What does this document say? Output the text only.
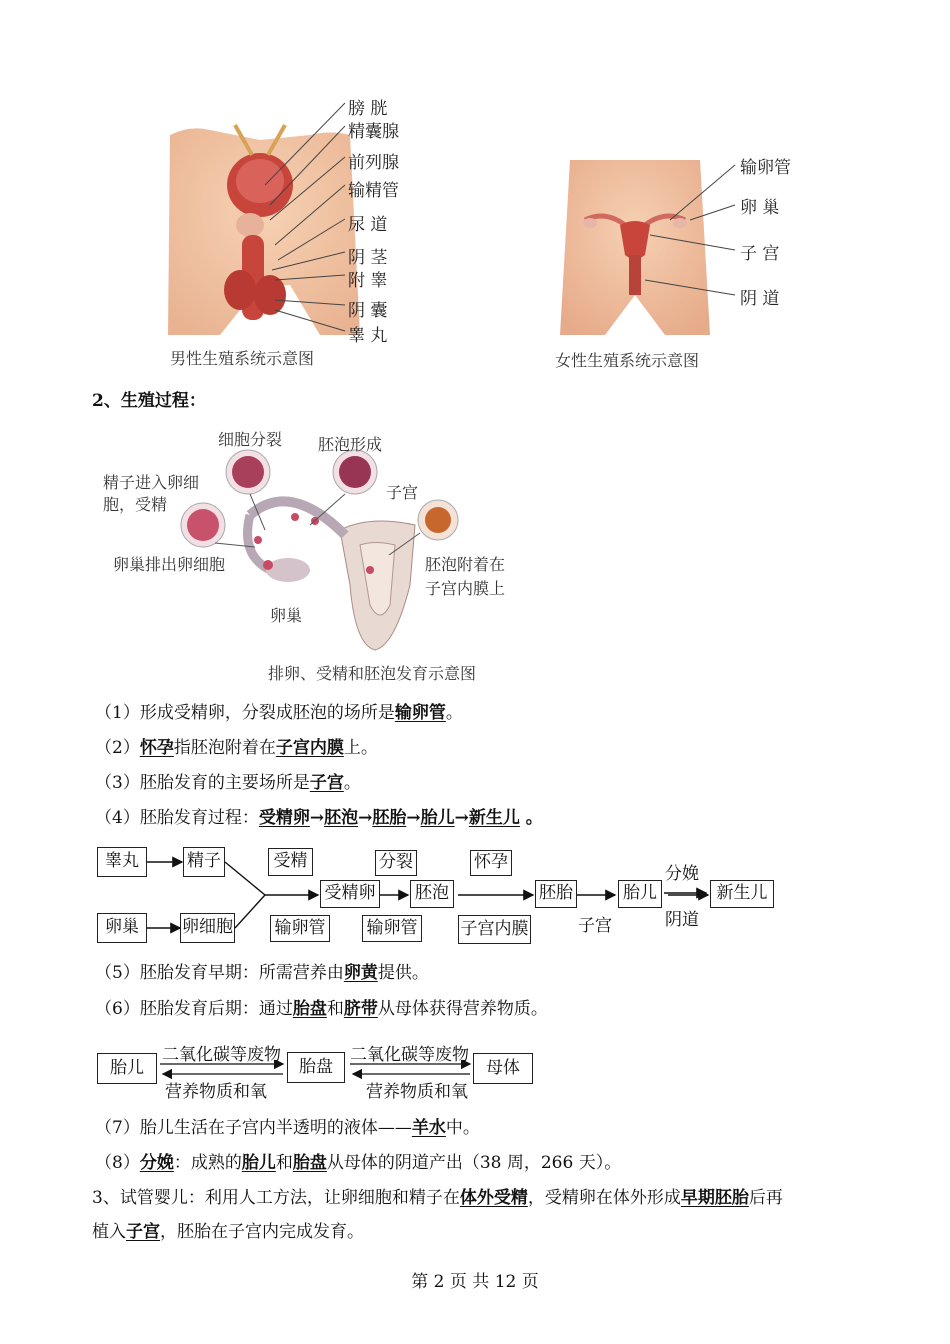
膀 胱
精囊腺
前列腺
输精管
尿 道
阴 茎
附 睾
阴 囊
睾 丸
男性生殖系统示意图
输卵管
卵 巢
子 宫
阴 道
女性生殖系统示意图
2、生殖过程：
细胞分裂 胚泡形成
精子进入卵细
胞，受精
子宫
卵巢排出卵细胞	胚泡附着在
子宫内膜上
卵巢
排卵、受精和胚泡发育示意图
（1）形成受精卵，分裂成胚泡的场所是输卵管。
（2）怀孕指胚泡附着在子宫内膜上。
（3）胚胎发育的主要场所是子宫。
（4）胚胎发育过程：受精卵→胚泡→胚胎→胎儿→新生儿 。
睾丸	精子
卵巢	卵细胞
受精	分裂	怀孕
受精卵 胚泡	胚胎	胎儿	新生儿
输卵管 输卵管	子宫内膜	子宫
分娩
阴道
（5）胚胎发育早期：所需营养由卵黄提供。
（6）胚胎发育后期：通过胎盘和脐带从母体获得营养物质。
胎儿	胎盘	母体
二氧化碳等废物
营养物质和氧
二氧化碳等废物
营养物质和氧
（7）胎儿生活在子宫内半透明的液体——羊水中。
（8）分娩：成熟的胎儿和胎盘从母体的阴道产出（38 周，266 天）。
3、试管婴儿：利用人工方法，让卵细胞和精子在体外受精，受精卵在体外形成早期胚胎后再
植入子宫，胚胎在子宫内完成发育。
第 2 页 共 12 页
